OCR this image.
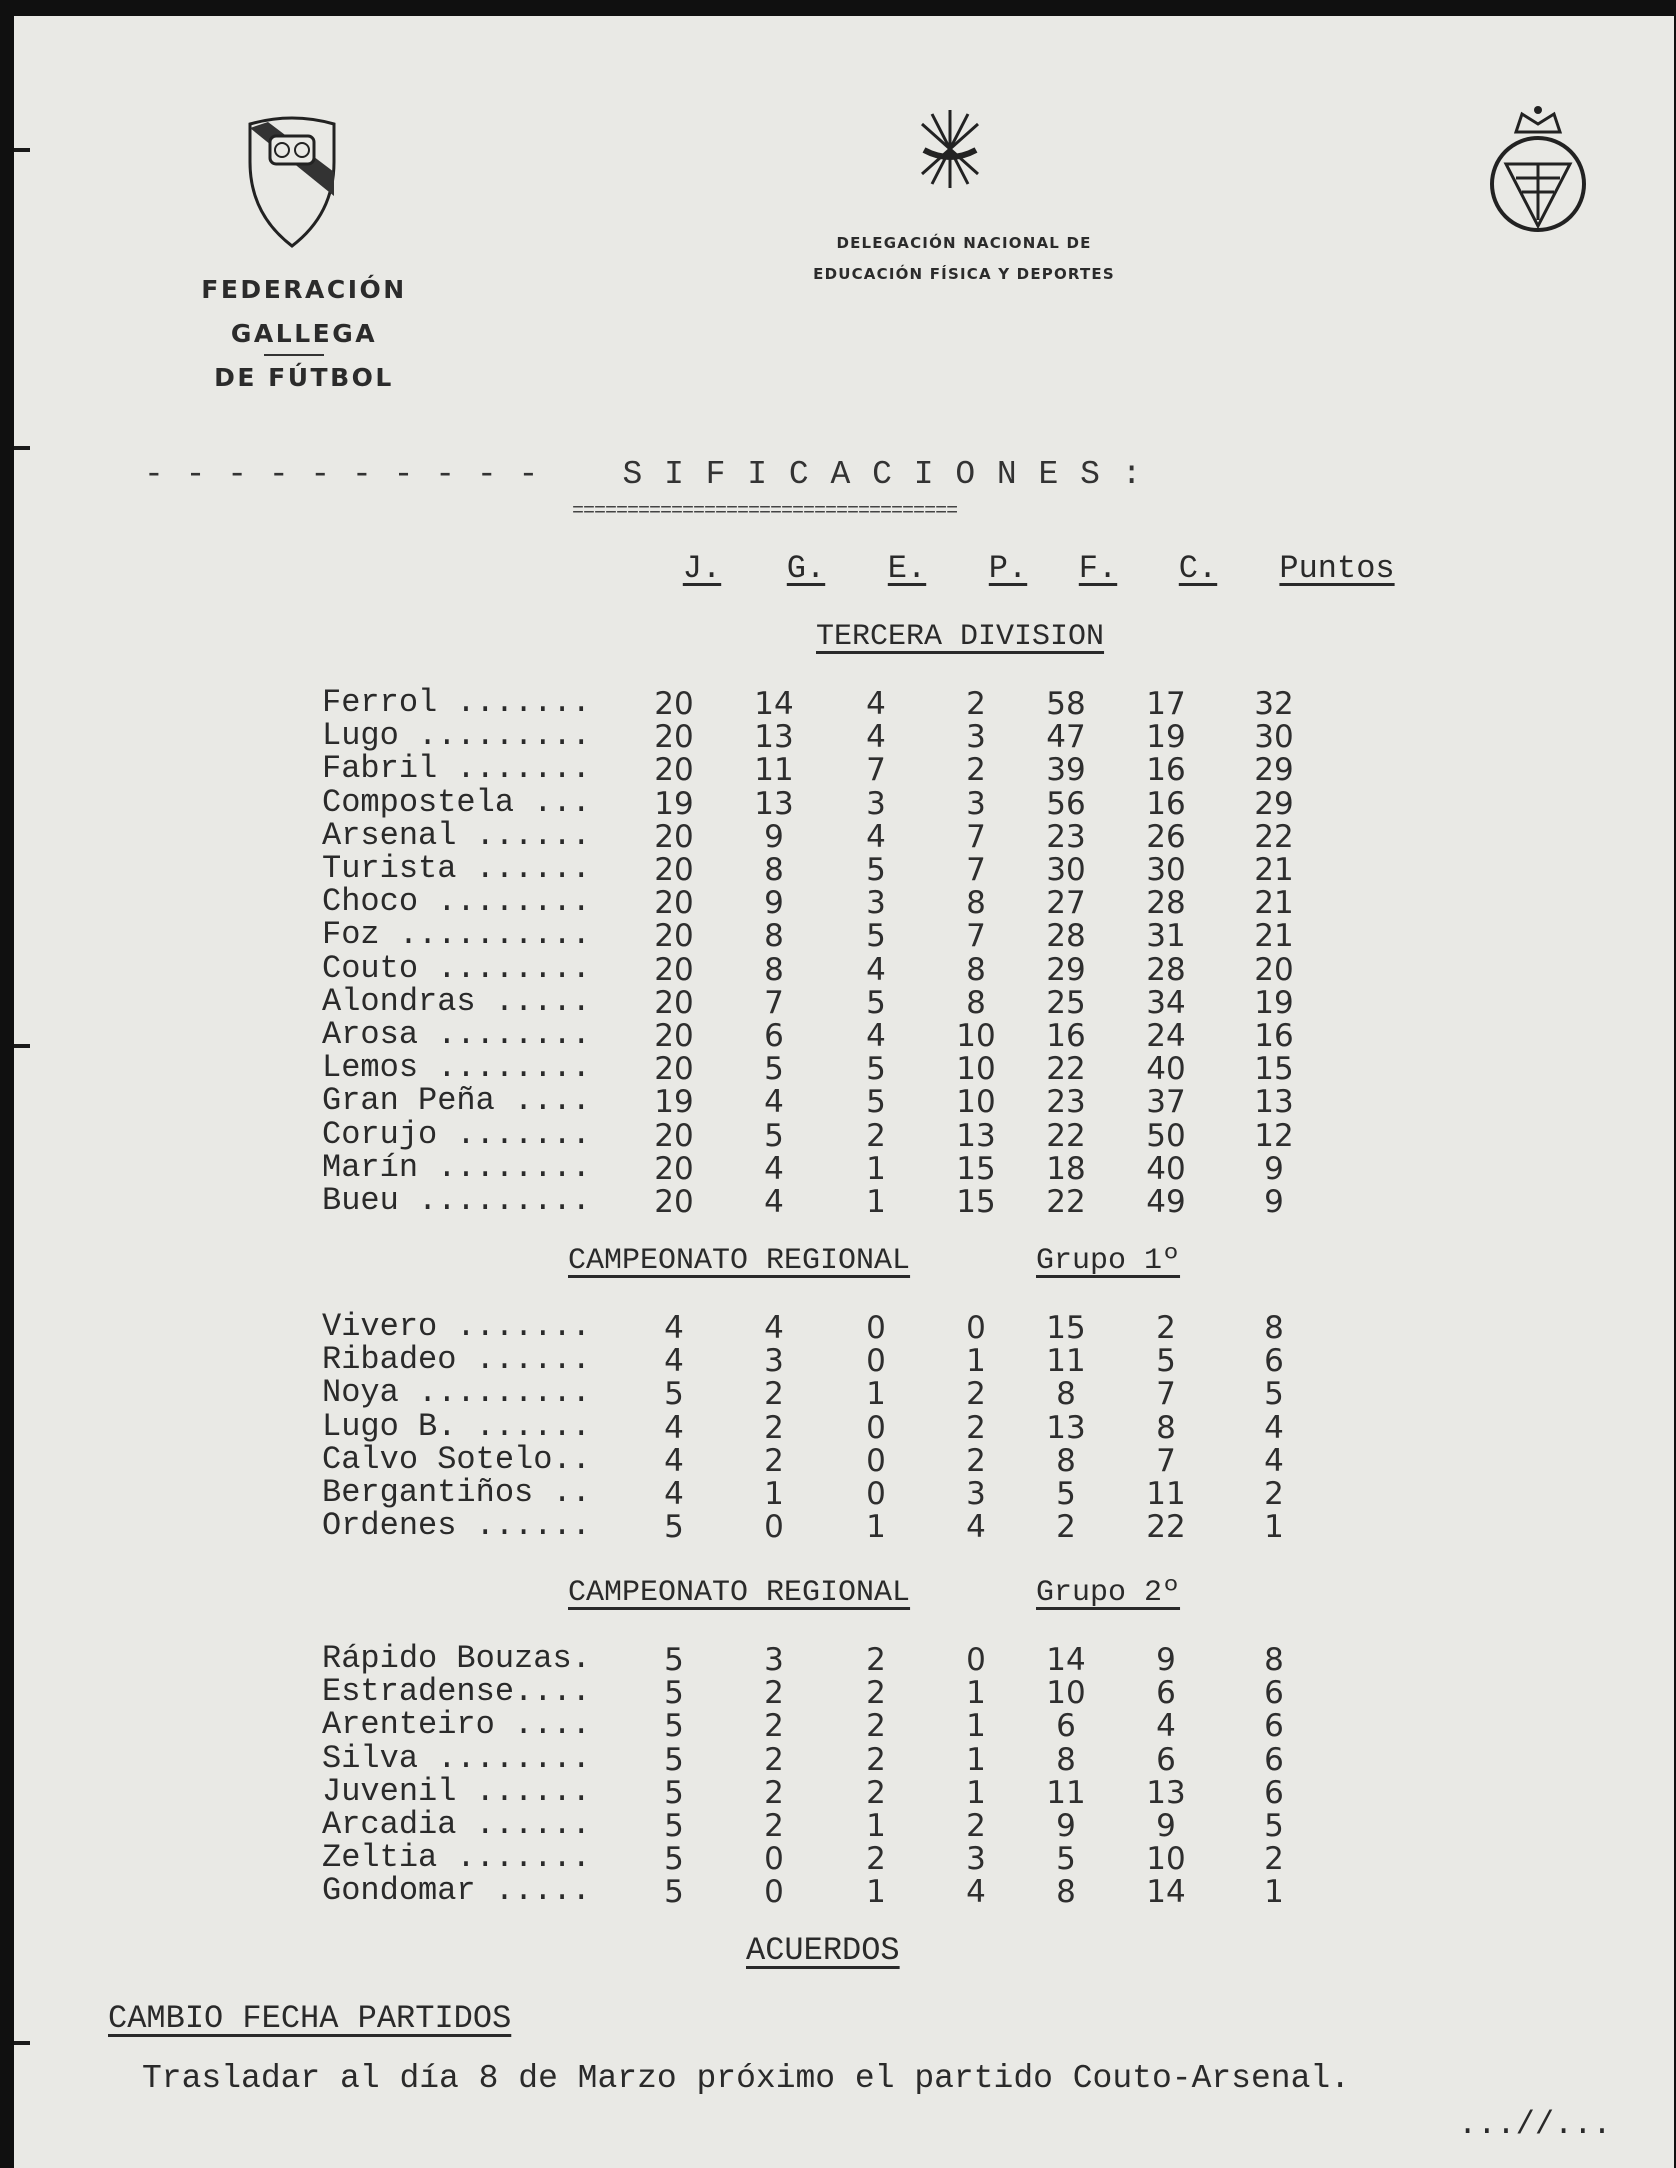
FEDERACIÓN GALLEGA
DE FÚTBOL
DELEGACIÓN NACIONAL DE
EDUCACIÓN FÍSICA Y DEPORTES
- - - - - - - - - -    S I F I C A C I O N E S :
===================================
J.	G.	E.	P.	F.	C.	Puntos
TERCERA DIVISION
Ferrol .......	20	14	4	2	58	17	32
Lugo .........	20	13	4	3	47	19	30
Fabril .......	20	11	7	2	39	16	29
Compostela ...	19	13	3	3	56	16	29
Arsenal ......	20	9	4	7	23	26	22
Turista ......	20	8	5	7	30	30	21
Choco ........	20	9	3	8	27	28	21
Foz ..........	20	8	5	7	28	31	21
Couto ........	20	8	4	8	29	28	20
Alondras .....	20	7	5	8	25	34	19
Arosa ........	20	6	4	10	16	24	16
Lemos ........	20	5	5	10	22	40	15
Gran Peña ....	19	4	5	10	23	37	13
Corujo .......	20	5	2	13	22	50	12
Marín ........	20	4	1	15	18	40	9
Bueu .........	20	4	1	15	22	49	9
CAMPEONATO REGIONAL	Grupo 1º
Vivero .......	4	4	0	0	15	2	8
Ribadeo ......	4	3	0	1	11	5	6
Noya .........	5	2	1	2	8	7	5
Lugo B. ......	4	2	0	2	13	8	4
Calvo Sotelo..	4	2	0	2	8	7	4
Bergantiños ..	4	1	0	3	5	11	2
Ordenes ......	5	0	1	4	2	22	1
CAMPEONATO REGIONAL	Grupo 2º
Rápido Bouzas.	5	3	2	0	14	9	8
Estradense....	5	2	2	1	10	6	6
Arenteiro ....	5	2	2	1	6	4	6
Silva ........	5	2	2	1	8	6	6
Juvenil ......	5	2	2	1	11	13	6
Arcadia ......	5	2	1	2	9	9	5
Zeltia .......	5	0	2	3	5	10	2
Gondomar .....	5	0	1	4	8	14	1
CAMBIO FECHA PARTIDOS
Trasladar al día 8 de Marzo próximo el partido Couto-Arsenal.
...//...
ACUERDOS
